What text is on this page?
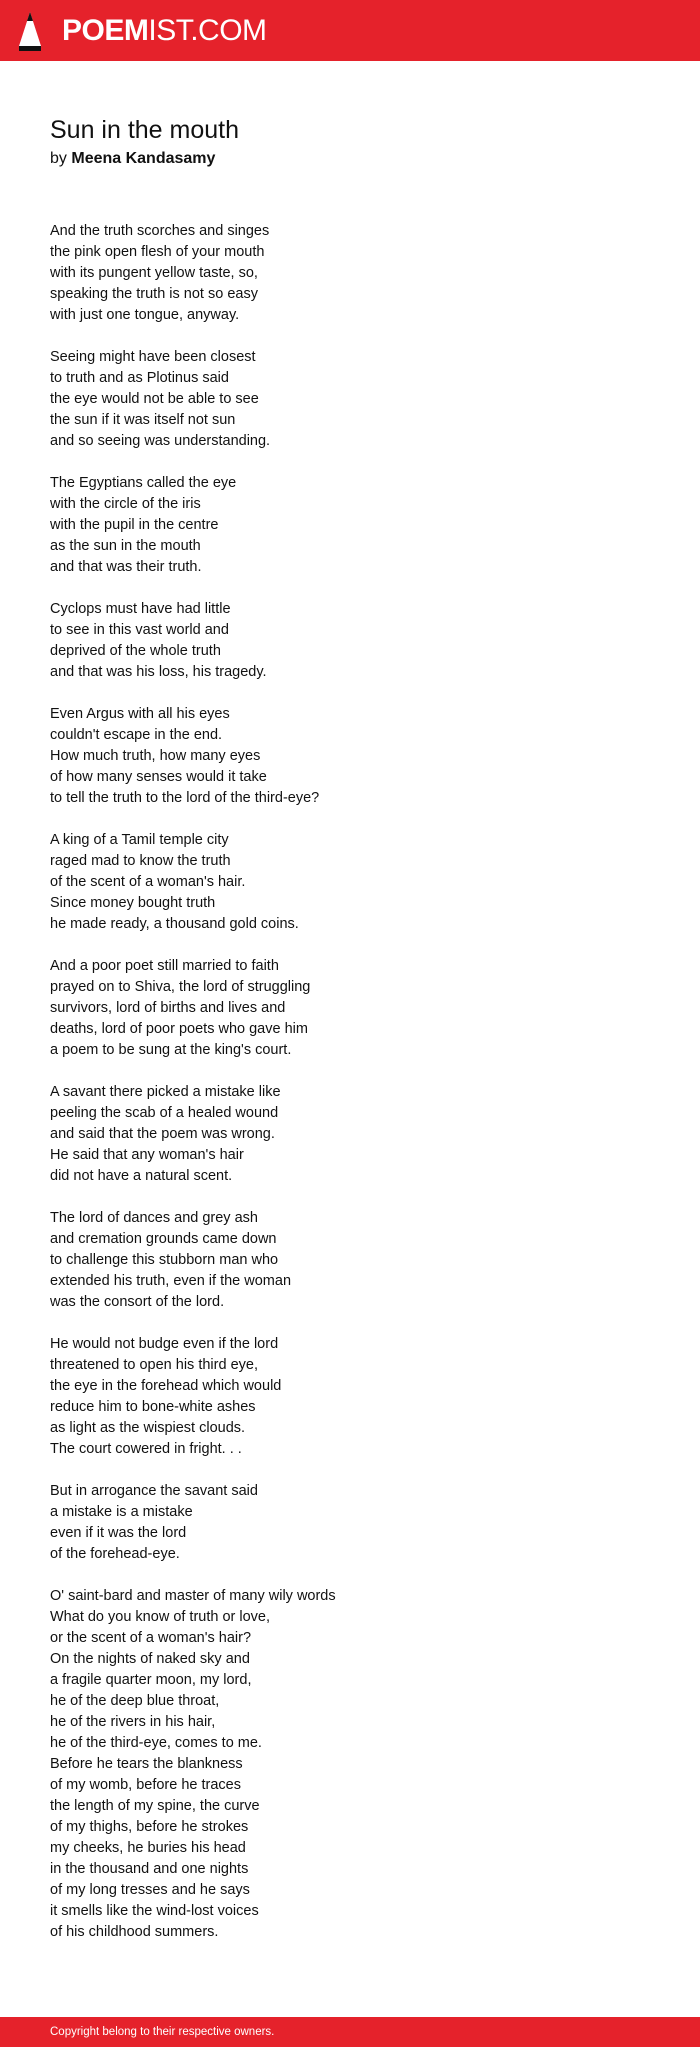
POEMIST.COM
Sun in the mouth

by Meena Kandasamy

And the truth scorches and singes
the pink open flesh of your mouth
with its pungent yellow taste, so,
speaking the truth is not so easy
with just one tongue, anyway.
Seeing might have been closest
to truth and as Plotinus said
the eye would not be able to see
the sun if it was itself not sun
and so seeing was understanding.
The Egyptians called the eye
with the circle of the iris
with the pupil in the centre
as the sun in the mouth
and that was their truth.
Cyclops must have had little
to see in this vast world and
deprived of the whole truth
and that was his loss, his tragedy.
Even Argus with all his eyes
couldn't escape in the end.
How much truth, how many eyes
of how many senses would it take
to tell the truth to the lord of the third-eye?
A king of a Tamil temple city
raged mad to know the truth
of the scent of a woman's hair.
Since money bought truth
he made ready, a thousand gold coins.
And a poor poet still married to faith
prayed on to Shiva, the lord of struggling
survivors, lord of births and lives and
deaths, lord of poor poets who gave him
a poem to be sung at the king's court.
A savant there picked a mistake like
peeling the scab of a healed wound
and said that the poem was wrong.
He said that any woman's hair
did not have a natural scent.
The lord of dances and grey ash
and cremation grounds came down
to challenge this stubborn man who
extended his truth, even if the woman
was the consort of the lord.
He would not budge even if the lord
threatened to open his third eye,
the eye in the forehead which would
reduce him to bone-white ashes
as light as the wispiest clouds.
The court cowered in fright. . .
But in arrogance the savant said
a mistake is a mistake
even if it was the lord
of the forehead-eye.
O' saint-bard and master of many wily words
What do you know of truth or love,
or the scent of a woman's hair?
On the nights of naked sky and
a fragile quarter moon, my lord,
he of the deep blue throat,
he of the rivers in his hair,
he of the third-eye, comes to me.
Before he tears the blankness
of my womb, before he traces
the length of my spine, the curve
of my thighs, before he strokes
my cheeks, he buries his head
in the thousand and one nights
of my long tresses and he says
it smells like the wind-lost voices
of his childhood summers.
Copyright belong to their respective owners.
